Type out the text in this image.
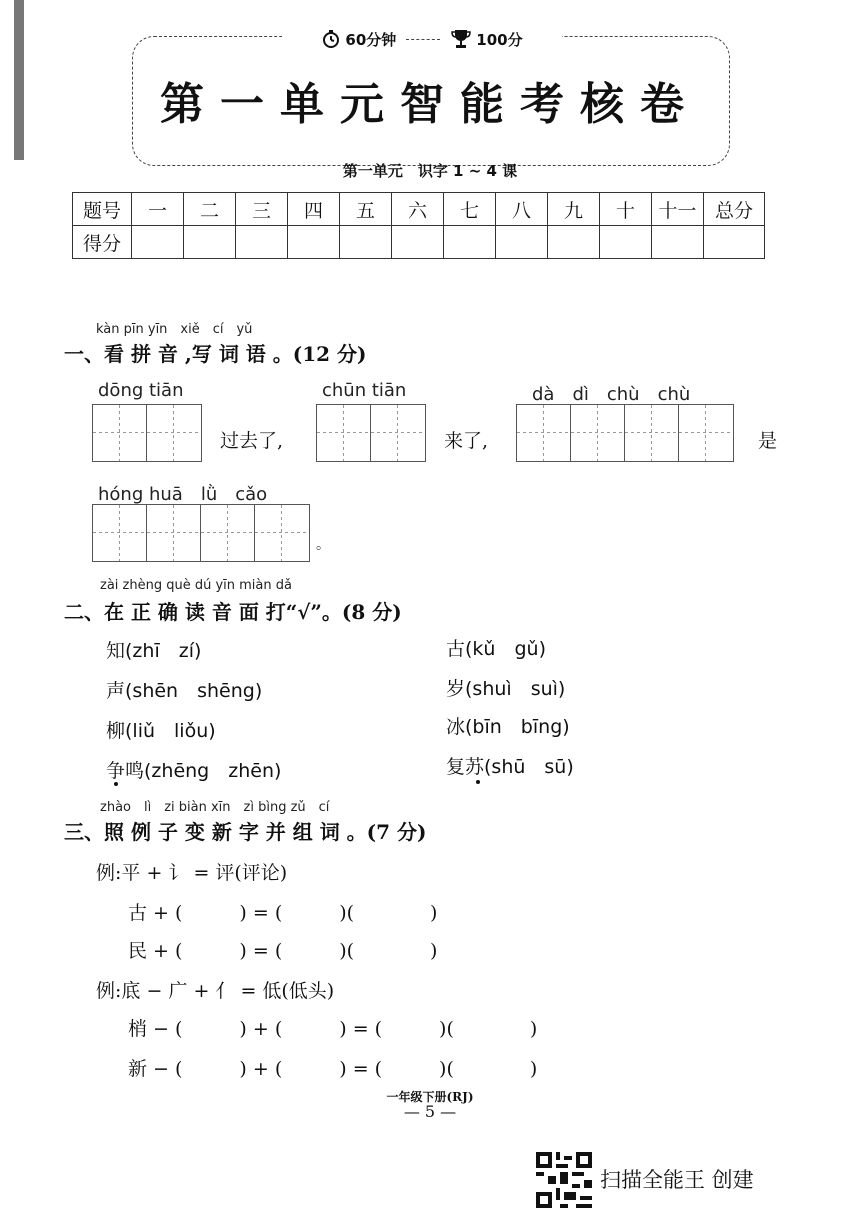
60分钟	100分
第一单元智能考核卷
第一单元　识字 1 ~ 4 课
题号	一	二	三	四	五	六	七	八	九	十	十一	总分
得分												
kàn pīn yīn　xiě　cí　yǔ
一、看 拼 音 ,写 词 语 。(12 分)
dōng tiān
过去了,
chūn tiān
来了,
dà　dì　chù　chù
是
hóng huā　lǜ　cǎo
。
zài zhèng què dú yīn miàn dǎ
二、在 正 确 读 音 面 打“√”。(8 分)
知(zhī　zí)	古(kǔ　gǔ)
声(shēn　shēng)	岁(shuì　suì)
柳(liǔ　liǒu)	冰(bīn　bīng)
争鸣(zhēng　zhēn)	复苏(shū　sū)
zhào　lì　zi biàn xīn　zì bìng zǔ　cí
三、照 例 子 变 新 字 并 组 词 。(7 分)
例:平 + 讠 = 评(评论)
古 + (　　　) = (　　　)(　　　　)
民 + (　　　) = (　　　)(　　　　)
例:底 − 广 + 亻 = 低(低头)
梢 − (　　　) + (　　　) = (　　　)(　　　　)
新 − (　　　) + (　　　) = (　　　)(　　　　)
一年级下册(RJ)
— 5 —
扫描全能王 创建
